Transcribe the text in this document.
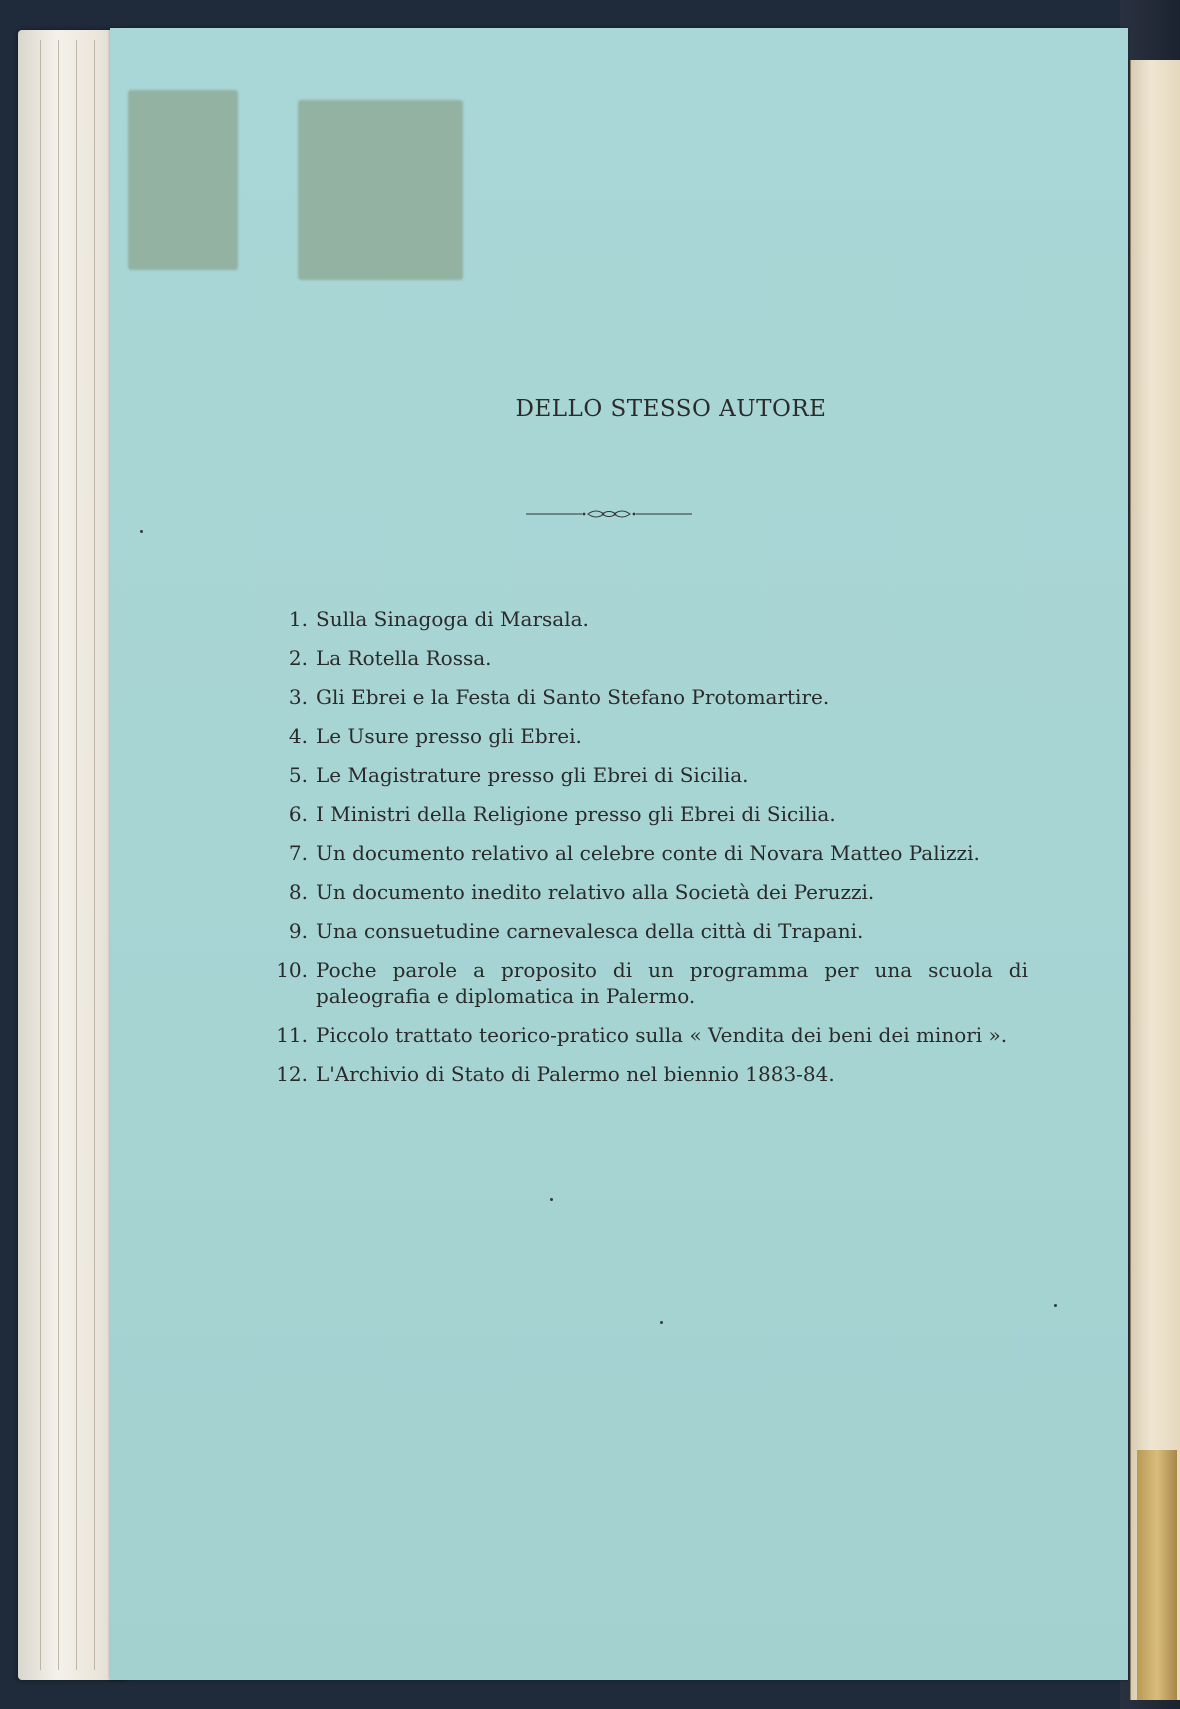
DELLO STESSO AUTORE
1. Sulla Sinagoga di Marsala.
2. La Rotella Rossa.
3. Gli Ebrei e la Festa di Santo Stefano Protomartire.
4. Le Usure presso gli Ebrei.
5. Le Magistrature presso gli Ebrei di Sicilia.
6. I Ministri della Religione presso gli Ebrei di Sicilia.
7. Un documento relativo al celebre conte di Novara Matteo Palizzi.
8. Un documento inedito relativo alla Società dei Peruzzi.
9. Una consuetudine carnevalesca della città di Trapani.
10. Poche parole a proposito di un programma per una scuola di paleografia e diplomatica in Palermo.
11. Piccolo trattato teorico-pratico sulla « Vendita dei beni dei minori ».
12. L'Archivio di Stato di Palermo nel biennio 1883-84.
